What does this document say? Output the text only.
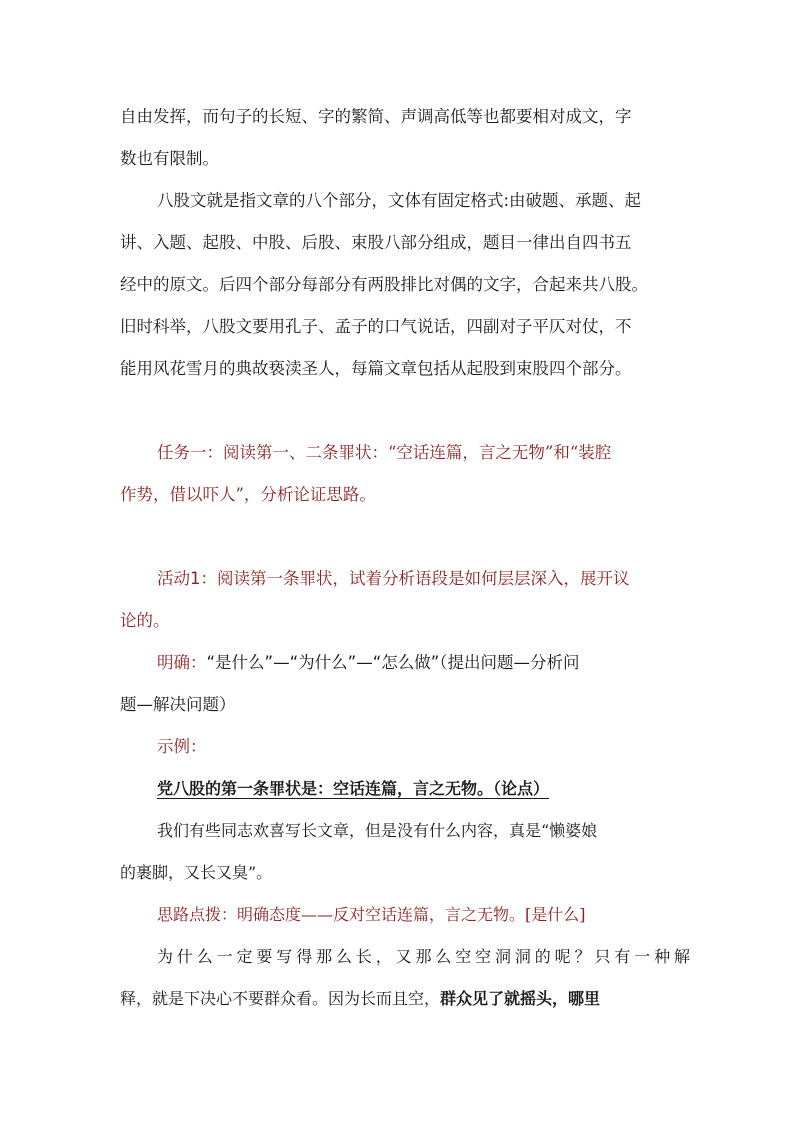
自由发挥，而句子的长短、字的繁简、声调高低等也都要相对成文，字
数也有限制。
八股文就是指文章的八个部分，文体有固定格式:由破题、承题、起
讲、入题、起股、中股、后股、束股八部分组成，题目一律出自四书五
经中的原文。后四个部分每部分有两股排比对偶的文字，合起来共八股。
旧时科举，八股文要用孔子、孟子的口气说话，四副对子平仄对仗，不
能用风花雪月的典故亵渎圣人，每篇文章包括从起股到束股四个部分。
任务一：阅读第一、二条罪状：“空话连篇，言之无物”和“装腔
作势，借以吓人”，分析论证思路。
活动1：阅读第一条罪状，试着分析语段是如何层层深入，展开议
论的。
明确：“是什么”—“为什么”—“怎么做”（提出问题—分析问
题—解决问题）
示例：
党八股的第一条罪状是：空话连篇，言之无物。（论点）
我们有些同志欢喜写长文章，但是没有什么内容，真是“懒婆娘
的裹脚，又长又臭”。
思路点拨：明确态度——反对空话连篇，言之无物。[是什么]
为什么一定要写得那么长，又那么空空洞洞的呢？只有一种解
释，就是下决心不要群众看。因为长而且空，群众见了就摇头，哪里
